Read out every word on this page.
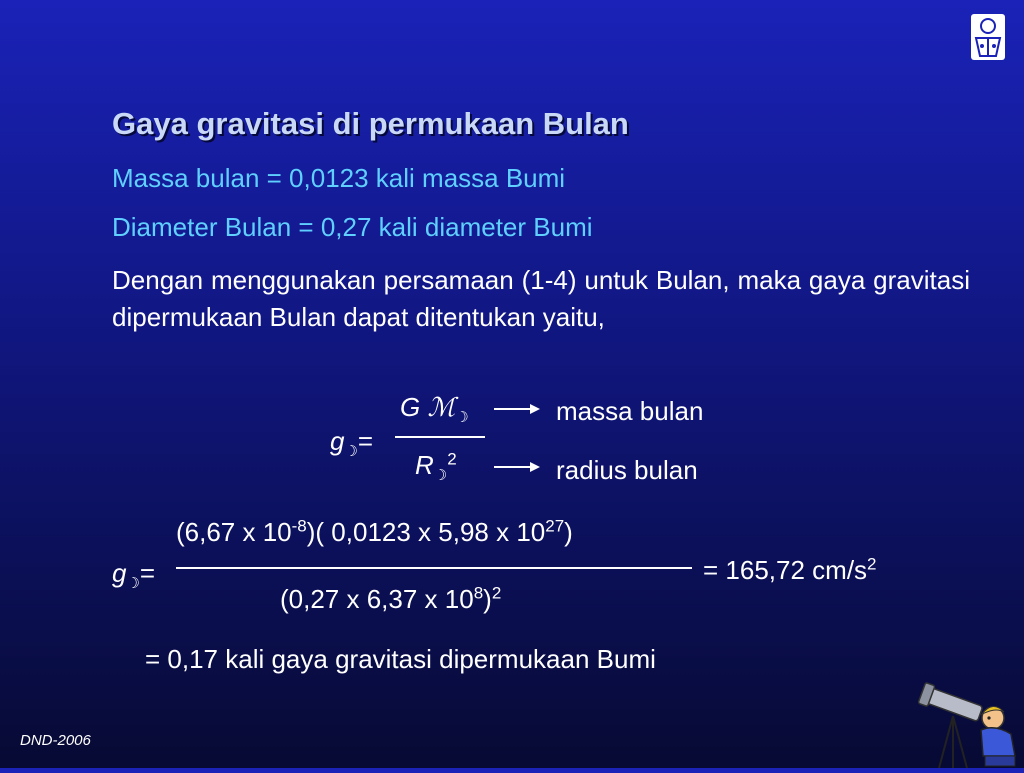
Gaya gravitasi di permukaan Bulan
Massa bulan = 0,0123 kali massa Bumi
Diameter Bulan = 0,27 kali diameter Bumi
Dengan menggunakan persamaan (1-4) untuk Bulan, maka gaya gravitasi dipermukaan Bulan dapat ditentukan yaitu,
G ℳ$_☽$
$g_☽=$
$R_☽^2$
massa bulan
radius bulan
(6,67 x $10^{-8}$)( 0,0123 x 5,98 x $10^{27}$)
$g_☽=$	= 165,72 $cm/s^2$
(0,27 x 6,37 x $10^8)^2$
= 0,17 kali gaya gravitasi dipermukaan Bumi
DND-2006
